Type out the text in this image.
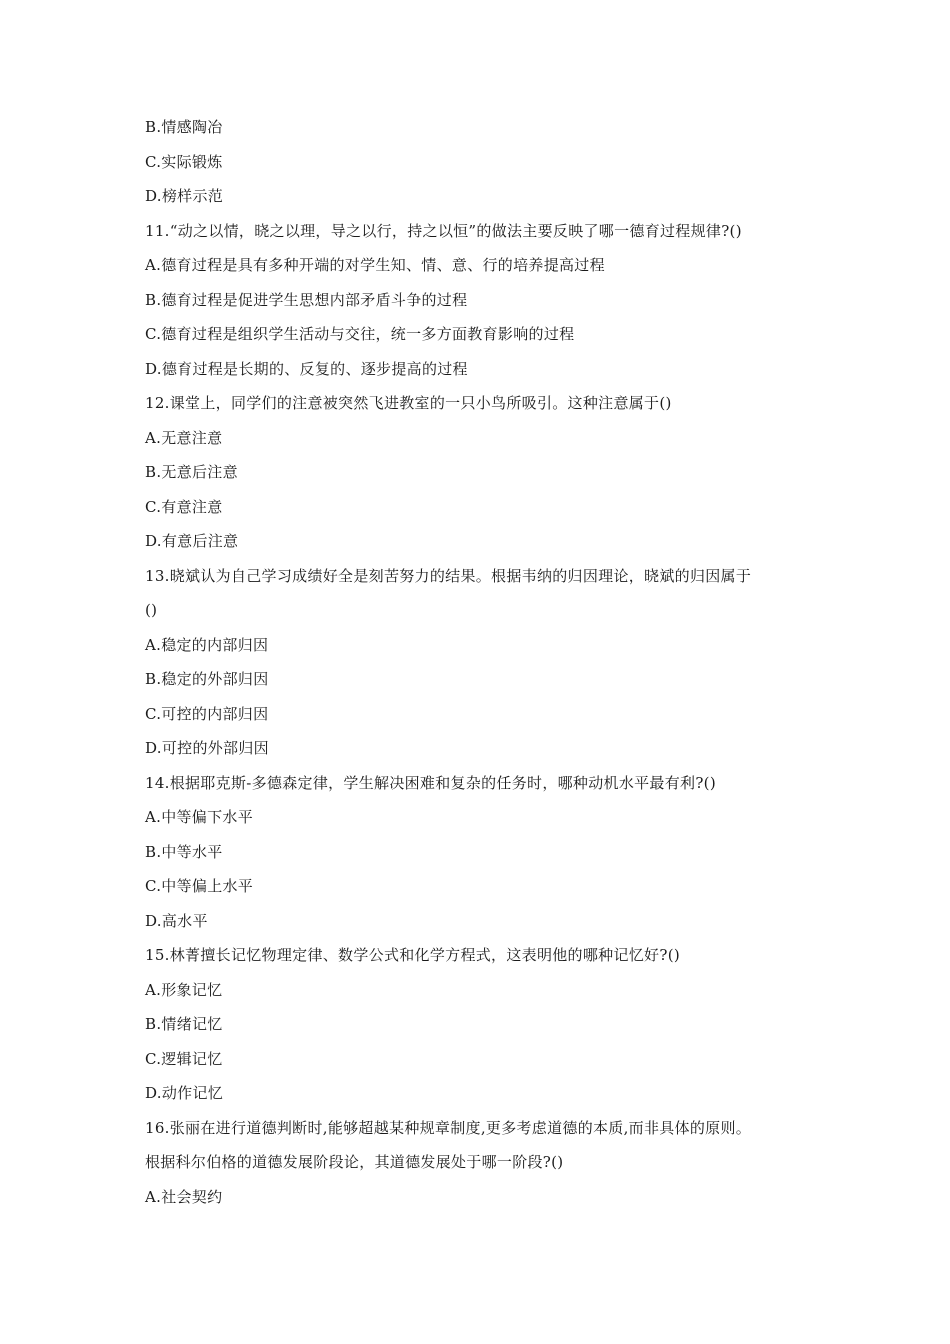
B.情感陶冶
C.实际锻炼
D.榜样示范
11.“动之以情，晓之以理，导之以行，持之以恒”的做法主要反映了哪一德育过程规律?()
A.德育过程是具有多种开端的对学生知、情、意、行的培养提高过程
B.德育过程是促进学生思想内部矛盾斗争的过程
C.德育过程是组织学生活动与交往，统一多方面教育影响的过程
D.德育过程是长期的、反复的、逐步提高的过程
12.课堂上，同学们的注意被突然飞进教室的一只小鸟所吸引。这种注意属于()
A.无意注意
B.无意后注意
C.有意注意
D.有意后注意
13.晓斌认为自己学习成绩好全是刻苦努力的结果。根据韦纳的归因理论，晓斌的归因属于
()
A.稳定的内部归因
B.稳定的外部归因
C.可控的内部归因
D.可控的外部归因
14.根据耶克斯-多德森定律，学生解决困难和复杂的任务时，哪种动机水平最有利?()
A.中等偏下水平
B.中等水平
C.中等偏上水平
D.高水平
15.林菁擅长记忆物理定律、数学公式和化学方程式，这表明他的哪种记忆好?()
A.形象记忆
B.情绪记忆
C.逻辑记忆
D.动作记忆
16.张丽在进行道德判断时,能够超越某种规章制度,更多考虑道德的本质,而非具体的原则。
根据科尔伯格的道德发展阶段论，其道德发展处于哪一阶段?()
A.社会契约
